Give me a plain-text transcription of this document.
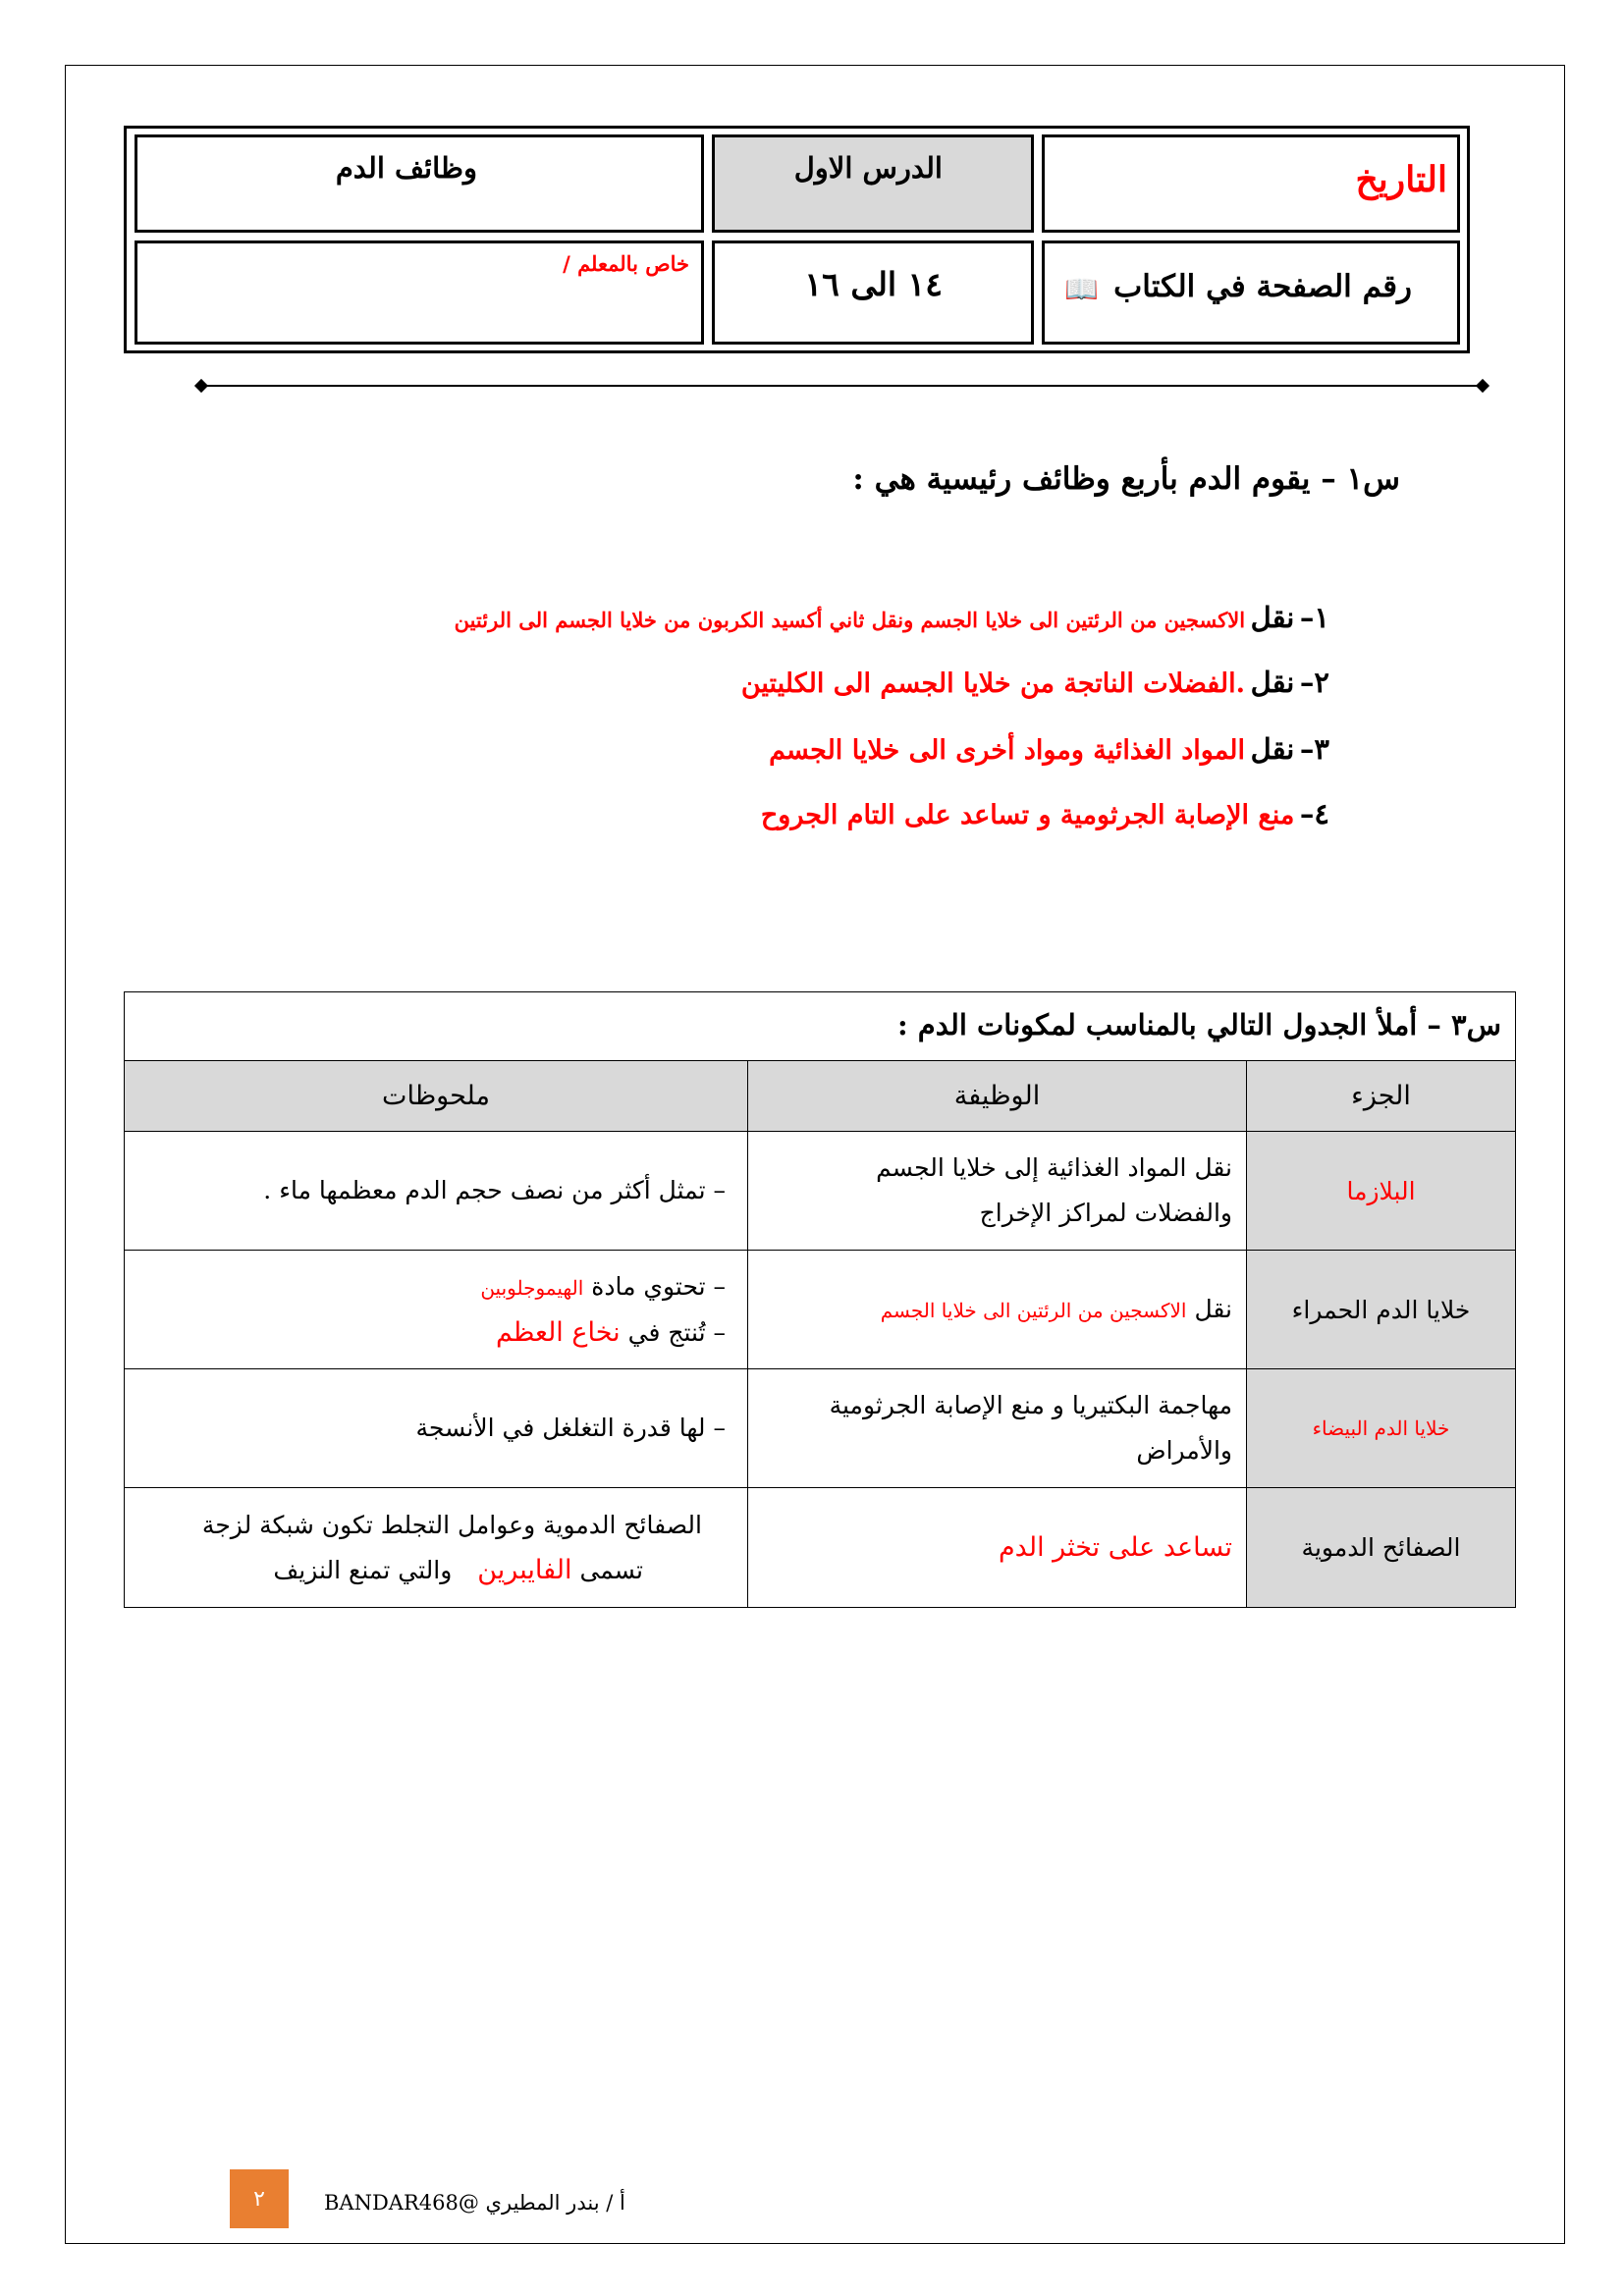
التاريخ
الدرس الاول
وظائف الدم
رقم الصفحة في الكتاب
📖
١٤ الى ١٦
خاص بالمعلم /
س١ – يقوم الدم بأربع وظائف رئيسية هي :
١– نقل الاكسجين من الرئتين الى خلايا الجسم ونقل ثاني أكسيد الكربون من خلايا الجسم الى الرئتين
٢– نقل .الفضلات الناتجة من خلايا الجسم الى الكليتين
٣– نقل المواد الغذائية ومواد أخرى الى خلايا الجسم
٤– منع الإصابة الجرثومية و تساعد على التام الجروح
س٣ – أملأ الجدول التالي بالمناسب لمكونات الدم :
الجزء
الوظيفة
ملحوظات
البلازما
نقل المواد الغذائية إلى خلايا الجسم
والفضلات لمراكز الإخراج
– تمثل أكثر من نصف حجم الدم معظمها ماء .
خلايا الدم الحمراء
نقل الاكسجين من الرئتين الى خلايا الجسم
– تحتوي مادة الهيموجلوبين
– تُنتج في نخاع العظم
خلايا الدم البيضاء
مهاجمة البكتيريا و منع الإصابة الجرثومية
والأمراض
– لها قدرة التغلغل في الأنسجة
الصفائح الدموية
تساعد على تخثر الدم
الصفائح الدموية وعوامل التجلط تكون شبكة لزجة
تسمى الفايبرين والتي تمنع النزيف
أ / بندر المطيري @BANDAR468
٢
